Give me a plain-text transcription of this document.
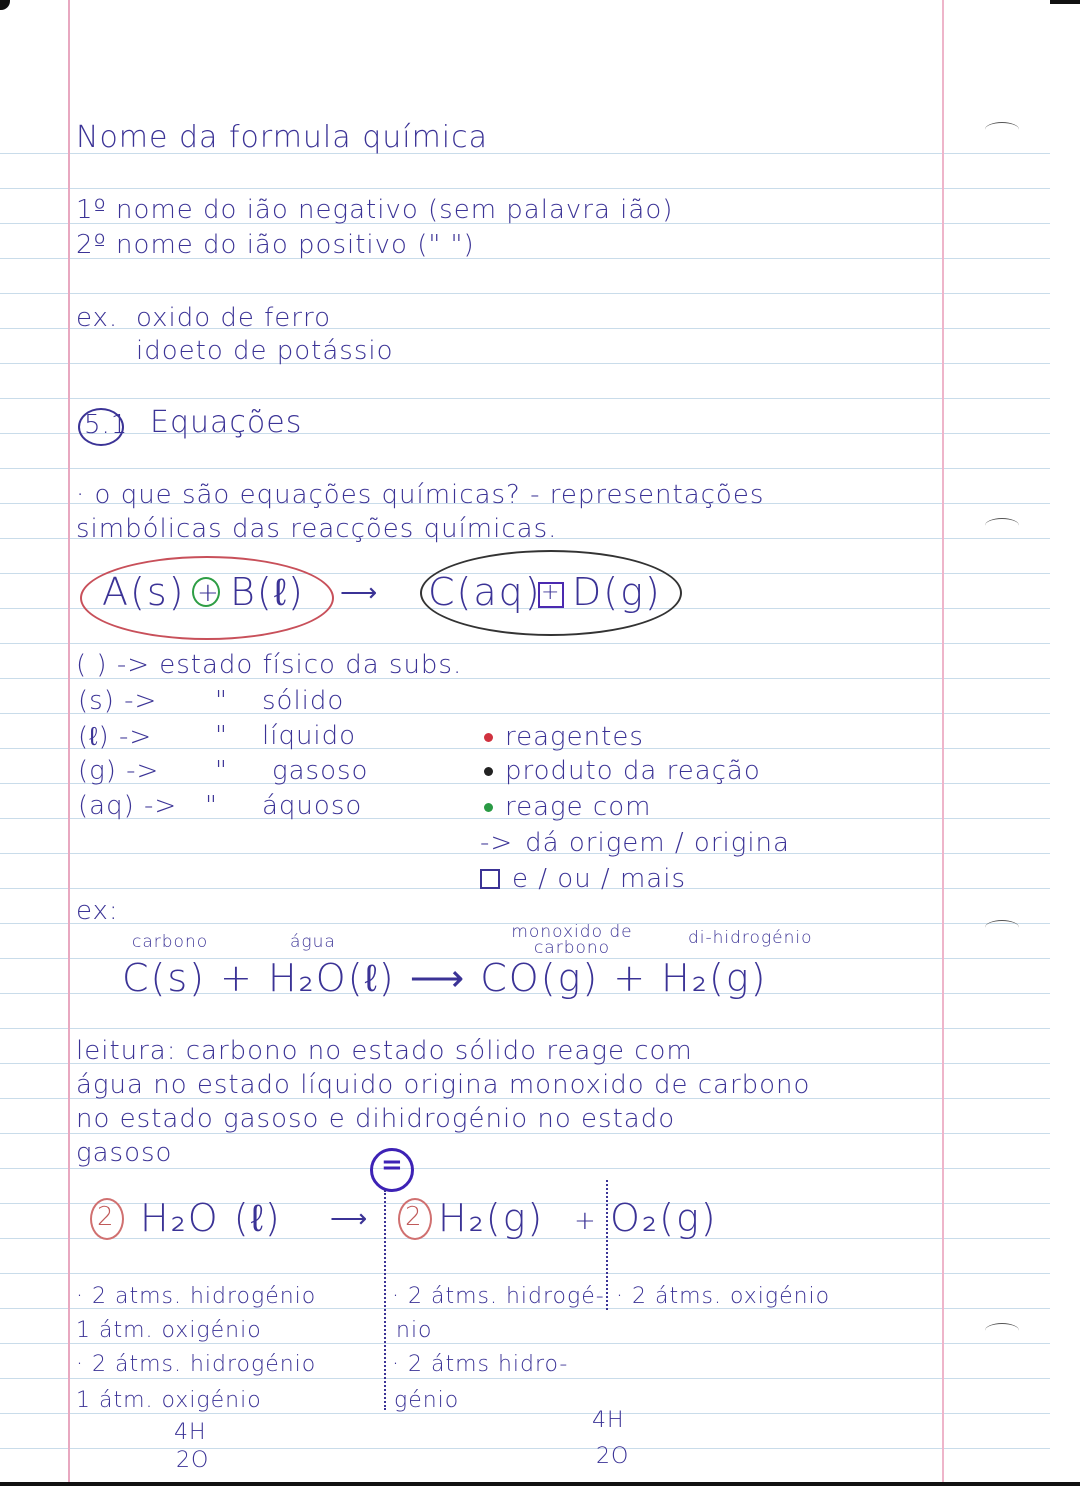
Nome da formula química
1º nome do ião negativo (sem palavra ião)
2º nome do ião positivo (" ")
ex. oxido de ferro
idoeto de potássio
5.1 Equações
· o que são equações químicas? - representações
simbólicas das reacções químicas.
A(s) + B(ℓ) ⟶ C(aq) + D(g)
( ) -> estado físico da subs.
(s) -> " sólido
(ℓ) -> " líquido
(g) -> " gasoso
(aq) -> " áquoso
reagentes
produto da reação
reage com
-> dá origem / origina
e / ou / mais
ex:
carbono	água	monoxido de carbono	di-hidrogénio
C(s) + H₂O(ℓ) ⟶ CO(g) + H₂(g)
leitura: carbono no estado sólido reage com
água no estado líquido origina monoxido de carbono
no estado gasoso e dihidrogénio no estado
gasoso	=
2 H₂O (ℓ) ⟶ 2 H₂(g) + O₂(g)
· 2 atms. hidrogénio
1 átm. oxigénio
· 2 átms. hidrogénio
1 átm. oxigénio
4H
2O
· 2 átms. hidrogé-
nio
· 2 átms hidro-
génio
· 2 átms. oxigénio
4H
2O
